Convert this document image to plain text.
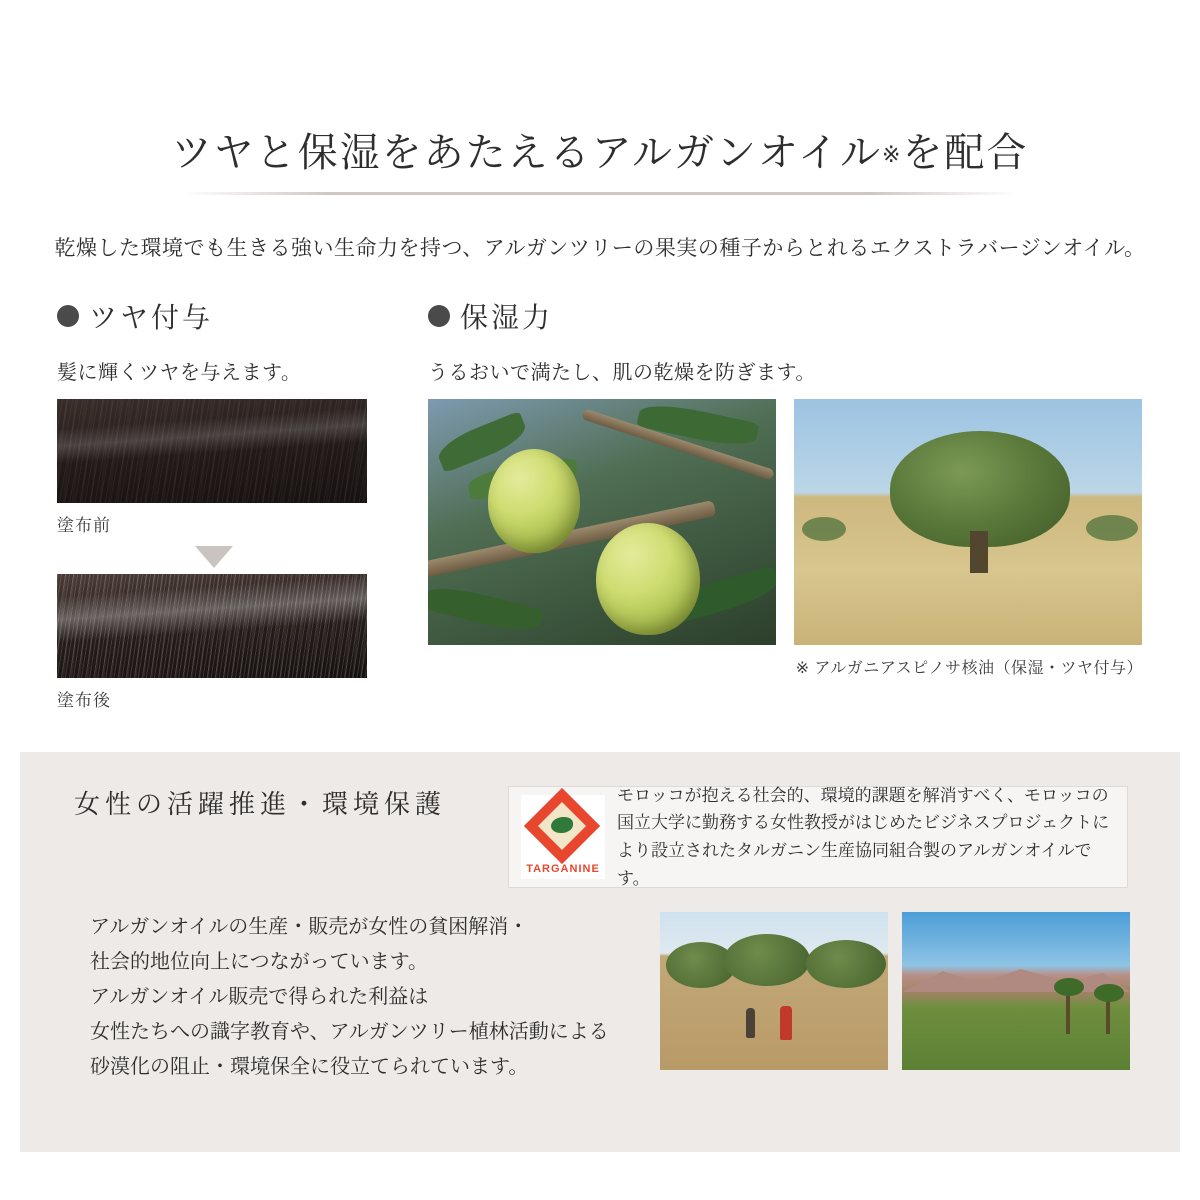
ツヤと保湿をあたえるアルガンオイル※を配合
乾燥した環境でも生きる強い生命力を持つ、アルガンツリーの果実の種子からとれるエクストラバージンオイル。
ツヤ付与
髪に輝くツヤを与えます。
塗布前
塗布後
保湿力
うるおいで満たし、肌の乾燥を防ぎます。
※ アルガニアスピノサ核油（保湿・ツヤ付与）
女性の活躍推進・環境保護
TARGANINE
モロッコが抱える社会的、環境的課題を解消すべく、モロッコの国立大学に勤務する女性教授がはじめたビジネスプロジェクトにより設立されたタルガニン生産協同組合製のアルガンオイルです。
アルガンオイルの生産・販売が女性の貧困解消・
社会的地位向上につながっています。
アルガンオイル販売で得られた利益は
女性たちへの識字教育や、アルガンツリー植林活動による
砂漠化の阻止・環境保全に役立てられています。
